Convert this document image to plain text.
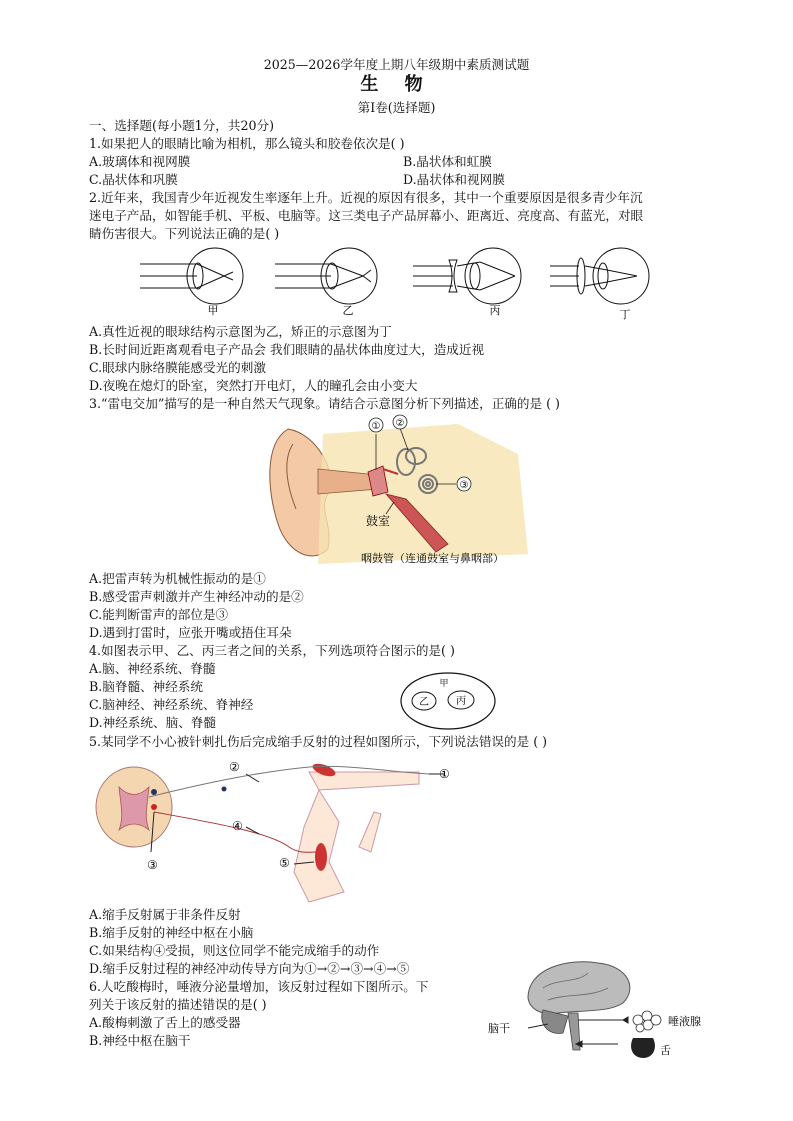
2025—2026学年度上期八年级期中素质测试题
生 物
第Ⅰ卷(选择题)
一、选择题(每小题1分，共20分)
1.如果把人的眼睛比喻为相机，那么镜头和胶卷依次是( )
A.玻璃体和视网膜	B.晶状体和虹膜
C.晶状体和巩膜	D.晶状体和视网膜
2.近年来，我国青少年近视发生率逐年上升。近视的原因有很多，其中一个重要原因是很多青少年沉
迷电子产品，如智能手机、平板、电脑等。这三类电子产品屏幕小、距离近、亮度高、有蓝光，对眼
睛伤害很大。下列说法正确的是( )
甲	乙	丙	丁
A.真性近视的眼球结构示意图为乙，矫正的示意图为丁
B.长时间近距离观看电子产品会 我们眼睛的晶状体曲度过大，造成近视
C.眼球内脉络膜能感受光的刺激
D.夜晚在熄灯的卧室，突然打开电灯，人的瞳孔会由小变大
3.“雷电交加”描写的是一种自然天气现象。请结合示意图分析下列描述，正确的是 ( )
① ②
③
鼓室
咽鼓管（连通鼓室与鼻咽部）
A.把雷声转为机械性振动的是①
B.感受雷声刺激并产生神经冲动的是②
C.能判断雷声的部位是③
D.遇到打雷时，应张开嘴或捂住耳朵
4.如图表示甲、乙、丙三者之间的关系，下列选项符合图示的是( )
A.脑、神经系统、脊髓
B.脑脊髓、神经系统
C.脑神经、神经系统、脊神经
D.神经系统、脑、脊髓
甲
乙	丙
5.某同学不小心被针刺扎伤后完成缩手反射的过程如图所示，下列说法错误的是 ( )
①
②
③
④
⑤
A.缩手反射属于非条件反射
B.缩手反射的神经中枢在小脑
C.如果结构④受损，则这位同学不能完成缩手的动作
D.缩手反射过程的神经冲动传导方向为①→②→③→④→⑤
6.人吃酸梅时，唾液分泌量增加，该反射过程如下图所示。下
列关于该反射的描述错误的是( )
A.酸梅刺激了舌上的感受器
B.神经中枢在脑干
脑干
唾液腺
舌
